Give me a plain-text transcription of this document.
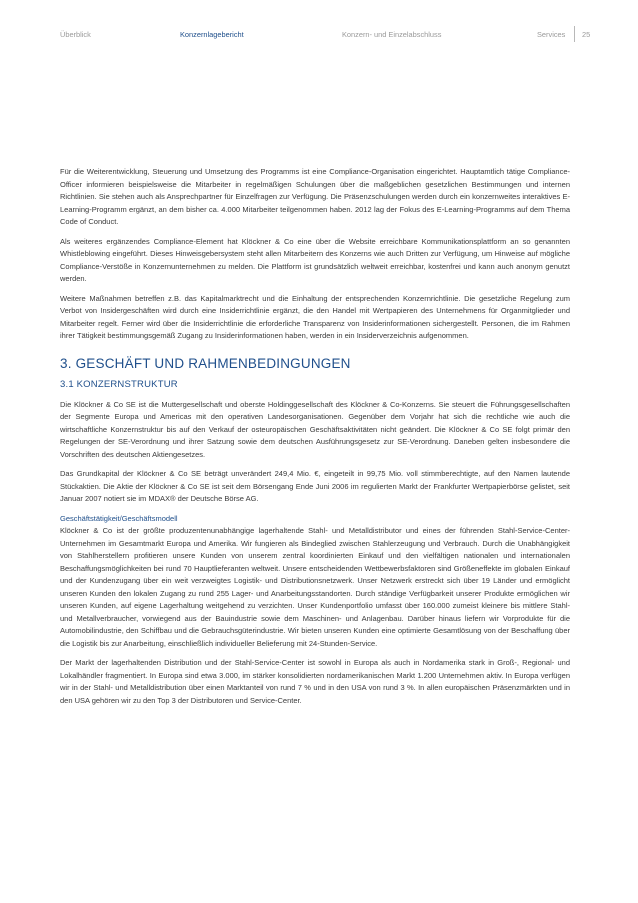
Überblick	Konzernlagebericht	Konzern- und Einzelabschluss	Services 25

Für die Weiterentwicklung, Steuerung und Umsetzung des Programms ist eine Compliance-Organisation eingerichtet. Hauptamtlich tätige Compliance-Officer informieren beispielsweise die Mitarbeiter in regelmäßigen Schulungen über die maßgeblichen gesetzlichen Bestimmungen und internen Richtlinien. Sie stehen auch als Ansprechpartner für Einzelfragen zur Verfügung. Die Präsenzschulungen werden durch ein konzernweites interaktives E-Learning-Programm ergänzt, an dem bisher ca. 4.000 Mitarbeiter teilgenommen haben. 2012 lag der Fokus des E-Learning-Programms auf dem Thema Code of Conduct.

Als weiteres ergänzendes Compliance-Element hat Klöckner & Co eine über die Website erreichbare Kommunikationsplattform an so genannten Whistleblowing eingeführt. Dieses Hinweisgebersystem steht allen Mitarbeitern des Konzerns wie auch Dritten zur Verfügung, um Hinweise auf mögliche Compliance-Verstöße in Konzernunternehmen zu melden. Die Plattform ist grundsätzlich weltweit erreichbar, kostenfrei und kann auch anonym genutzt werden.

Weitere Maßnahmen betreffen z.B. das Kapitalmarktrecht und die Einhaltung der entsprechenden Konzernrichtlinie. Die gesetzliche Regelung zum Verbot von Insidergeschäften wird durch eine Insiderrichtlinie ergänzt, die den Handel mit Wertpapieren des Unternehmens für Organmitglieder und Mitarbeiter regelt. Ferner wird über die Insiderrichtlinie die erforderliche Transparenz von Insiderinformationen sichergestellt. Personen, die im Rahmen ihrer Tätigkeit bestimmungsgemäß Zugang zu Insiderinformationen haben, werden in ein Insiderverzeichnis aufgenommen.

3. GESCHÄFT UND RAHMENBEDINGUNGEN
3.1 KONZERNSTRUKTUR

Die Klöckner & Co SE ist die Muttergesellschaft und oberste Holdinggesellschaft des Klöckner & Co-Konzerns. Sie steuert die Führungsgesellschaften der Segmente Europa und Americas mit den operativen Landesorganisationen. Gegenüber dem Vorjahr hat sich die rechtliche wie auch die wirtschaftliche Konzernstruktur bis auf den Verkauf der osteuropäischen Geschäftsaktivitäten nicht geändert. Die Klöckner & Co SE folgt primär den Regelungen der SE-Verordnung und ihrer Satzung sowie dem deutschen Ausführungsgesetz zur SE-Verordnung. Daneben gelten insbesondere die Vorschriften des deutschen Aktiengesetzes.

Das Grundkapital der Klöckner & Co SE beträgt unverändert 249,4 Mio. €, eingeteilt in 99,75 Mio. voll stimmberechtigte, auf den Namen lautende Stückaktien. Die Aktie der Klöckner & Co SE ist seit dem Börsengang Ende Juni 2006 im regulierten Markt der Frankfurter Wertpapierbörse gelistet, seit Januar 2007 notiert sie im MDAX® der Deutsche Börse AG.

Geschäftstätigkeit/Geschäftsmodell
Klöckner & Co ist der größte produzentenunabhängige lagerhaltende Stahl- und Metalldistributor und eines der führenden Stahl-Service-Center-Unternehmen im Gesamtmarkt Europa und Amerika. Wir fungieren als Bindeglied zwischen Stahlerzeugung und Verbrauch. Durch die Unabhängigkeit von Stahlherstellern profitieren unsere Kunden von unserem zentral koordinierten Einkauf und den vielfältigen nationalen und internationalen Beschaffungsmöglichkeiten bei rund 70 Hauptlieferanten weltweit. Unsere entscheidenden Wettbewerbsfaktoren sind Größeneffekte im globalen Einkauf und der Kundenzugang über ein weit verzweigtes Logistik- und Distributionsnetzwerk. Unser Netzwerk erstreckt sich über 19 Länder und ermöglicht unseren Kunden den lokalen Zugang zu rund 255 Lager- und Anarbeitungsstandorten. Durch ständige Verfügbarkeit unserer Produkte ermöglichen wir unseren Kunden, auf eigene Lagerhaltung weitgehend zu verzichten. Unser Kundenportfolio umfasst über 160.000 zumeist kleinere bis mittlere Stahl- und Metallverbraucher, vorwiegend aus der Bauindustrie sowie dem Maschinen- und Anlagenbau. Darüber hinaus liefern wir Vorprodukte für die Automobilindustrie, den Schiffbau und die Gebrauchsgüterindustrie. Wir bieten unseren Kunden eine optimierte Gesamtlösung von der Beschaffung über die Logistik bis zur Anarbeitung, einschließlich individueller Belieferung mit 24-Stunden-Service.

Der Markt der lagerhaltenden Distribution und der Stahl-Service-Center ist sowohl in Europa als auch in Nordamerika stark in Groß-, Regional- und Lokalhändler fragmentiert. In Europa sind etwa 3.000, im stärker konsolidierten nordamerikanischen Markt 1.200 Unternehmen aktiv. In Europa verfügen wir in der Stahl- und Metalldistribution über einen Marktanteil von rund 7 % und in den USA von rund 3 %. In allen europäischen Präsenzmärkten und in den USA gehören wir zu den Top 3 der Distributoren und Service-Center.
